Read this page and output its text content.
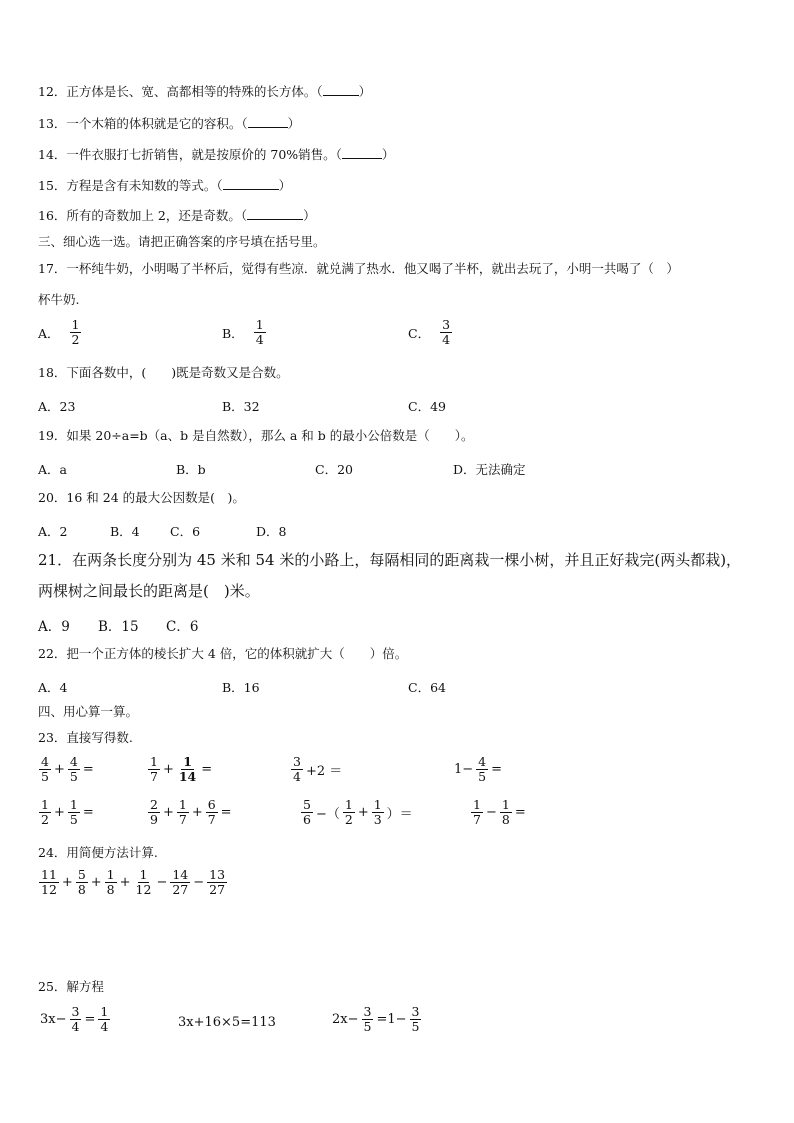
12．正方体是长、宽、高都相等的特殊的长方体。（	）
13．一个木箱的体积就是它的容积。（	）
14．一件衣服打七折销售，就是按原价的 70%销售。（	）
15．方程是含有未知数的等式。（	）
16．所有的奇数加上 2，还是奇数。（	）
三、细心选一选。请把正确答案的序号填在括号里。
17．一杯纯牛奶，小明喝了半杯后，觉得有些凉．就兑满了热水．他又喝了半杯，就出去玩了，小明一共喝了（　）
杯牛奶.
A． $\frac{1}{2}$	B． $\frac{1}{4}$	C． $\frac{3}{4}$
18．下面各数中，(　　)既是奇数又是合数。
A．23	B．32	C．49
19．如果 20÷a=b（a、b 是自然数），那么 a 和 b 的最小公倍数是（　　）。
A．a	B．b	C．20	D．无法确定
20．16 和 24 的最大公因数是(　)。
A．2	B．4 C．6	D．8
21．在两条长度分别为 45 米和 54 米的小路上，每隔相同的距离栽一棵小树，并且正好栽完(两头都栽)，
两棵树之间最长的距离是(　)米。
A．9 B．15 C．6
22．把一个正方体的棱长扩大 4 倍，它的体积就扩大（　　）倍。
A．4	B．16	C．64
四、用心算一算。
23．直接写得数.
$\frac{4}{5} + \frac{4}{5}$ =	$\frac{1}{7} + \frac{1}{14}$ =	$\frac{3}{4} +2$ ＝	$1- \frac{4}{5}$ =
$\frac{1}{2} + \frac{1}{5}$ =	$\frac{2}{9} + \frac{1}{7} + \frac{6}{7}$ =	$\frac{5}{6}$ −（ $\frac{1}{2} + \frac{1}{3}$ ）＝	$\frac{1}{7} - \frac{1}{8}$ =
24．用简便方法计算.
$\frac{11}{12} + \frac{5}{8} + \frac{1}{8} + \frac{1}{12} - \frac{14}{27} - \frac{13}{27}$
25．解方程
$3x- \frac{3}{4} = \frac{1}{4}$	3x+16×5=113	$2x- \frac{3}{5} =1- \frac{3}{5}$
